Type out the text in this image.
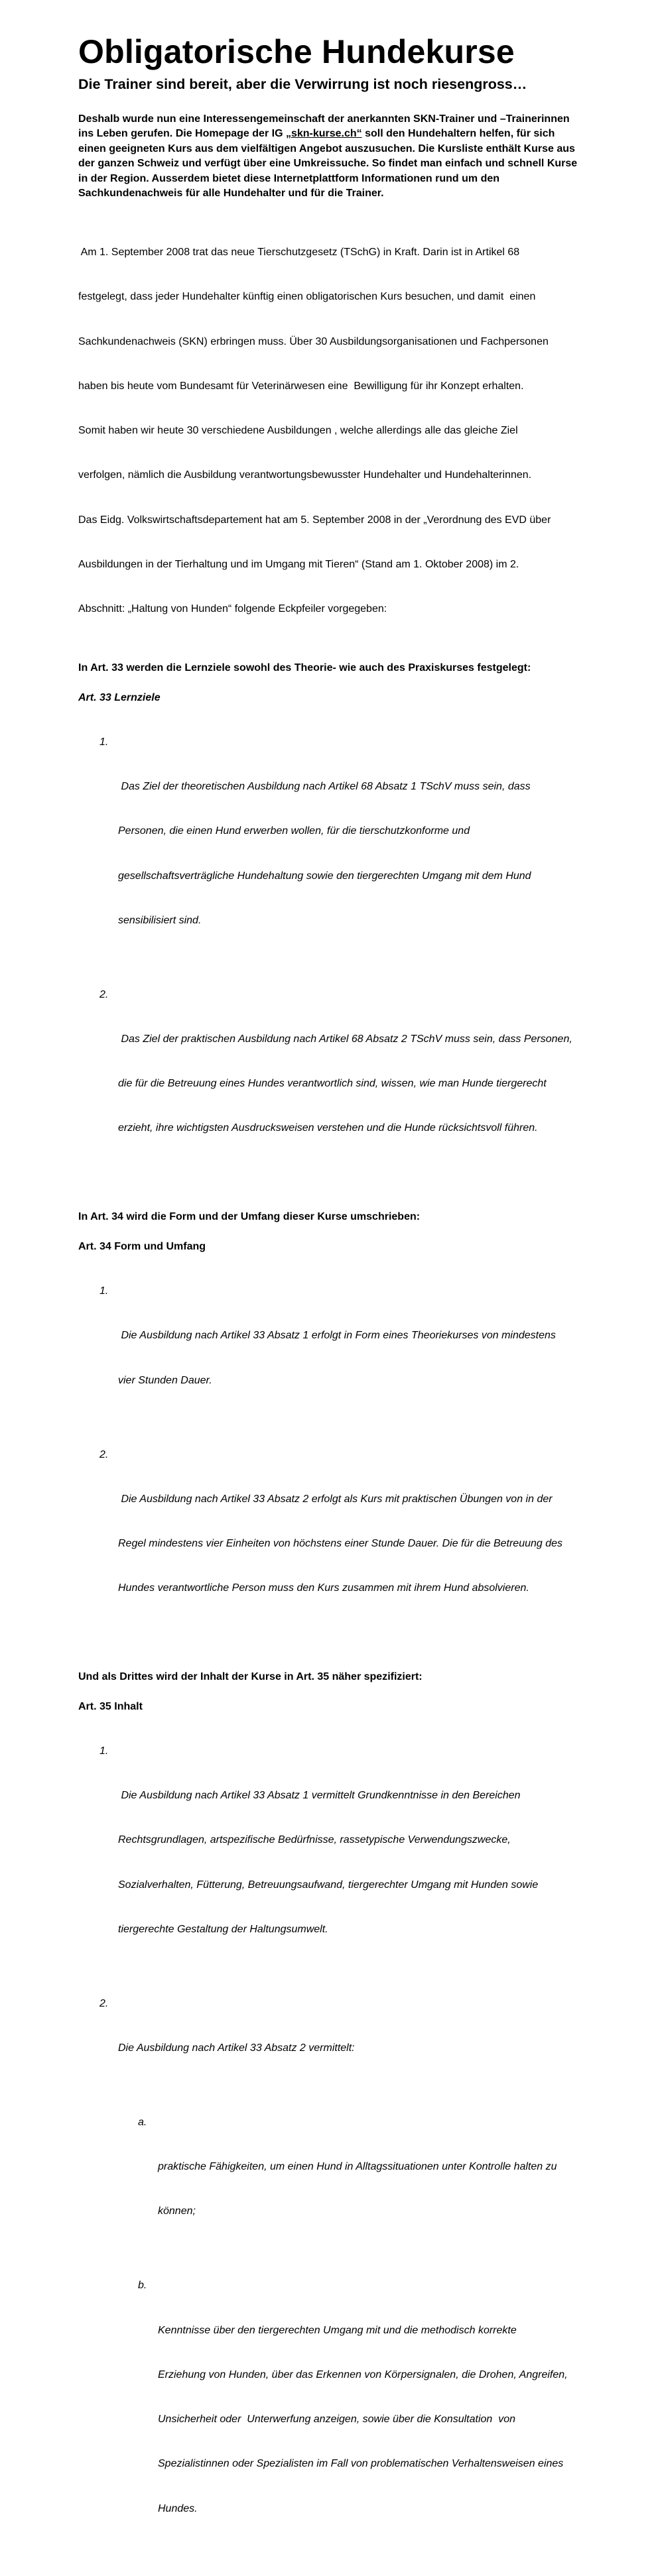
Obligatorische Hundekurse
Die Trainer sind bereit, aber die Verwirrung ist noch riesengross…
Deshalb wurde nun eine Interessengemeinschaft der anerkannten SKN-Trainer und –Trainerinnen
ins Leben gerufen. Die Homepage der IG „skn-kurse.ch“ soll den Hundehaltern helfen, für sich
einen geeigneten Kurs aus dem vielfältigen Angebot auszusuchen. Die Kursliste enthält Kurse aus
der ganzen Schweiz und verfügt über eine Umkreissuche. So findet man einfach und schnell Kurse
in der Region. Ausserdem bietet diese Internetplattform Informationen rund um den
Sachkundenachweis für alle Hundehalter und für die Trainer.

Am 1. September 2008 trat das neue Tierschutzgesetz (TSchG) in Kraft. Darin ist in Artikel 68

festgelegt, dass jeder Hundehalter künftig einen obligatorischen Kurs besuchen, und damit  einen

Sachkundenachweis (SKN) erbringen muss. Über 30 Ausbildungsorganisationen und Fachpersonen

haben bis heute vom Bundesamt für Veterinärwesen eine  Bewilligung für ihr Konzept erhalten.

Somit haben wir heute 30 verschiedene Ausbildungen , welche allerdings alle das gleiche Ziel

verfolgen, nämlich die Ausbildung verantwortungsbewusster Hundehalter und Hundehalterinnen.

Das Eidg. Volkswirtschaftsdepartement hat am 5. September 2008 in der „Verordnung des EVD über

Ausbildungen in der Tierhaltung und im Umgang mit Tieren“ (Stand am 1. Oktober 2008) im 2.

Abschnitt: „Haltung von Hunden“ folgende Eckpfeiler vorgegeben:

In Art. 33 werden die Lernziele sowohl des Theorie- wie auch des Praxiskurses festgelegt:

Art. 33 Lernziele

1.

Das Ziel der theoretischen Ausbildung nach Artikel 68 Absatz 1 TSchV muss sein, dass

Personen, die einen Hund erwerben wollen, für die tierschutzkonforme und

gesellschaftsverträgliche Hundehaltung sowie den tiergerechten Umgang mit dem Hund

sensibilisiert sind.

2.

Das Ziel der praktischen Ausbildung nach Artikel 68 Absatz 2 TSchV muss sein, dass Personen,

die für die Betreuung eines Hundes verantwortlich sind, wissen, wie man Hunde tiergerecht

erzieht, ihre wichtigsten Ausdrucksweisen verstehen und die Hunde rücksichtsvoll führen.

In Art. 34 wird die Form und der Umfang dieser Kurse umschrieben:

Art. 34 Form und Umfang

1.

Die Ausbildung nach Artikel 33 Absatz 1 erfolgt in Form eines Theoriekurses von mindestens

vier Stunden Dauer.

2.

Die Ausbildung nach Artikel 33 Absatz 2 erfolgt als Kurs mit praktischen Übungen von in der

Regel mindestens vier Einheiten von höchstens einer Stunde Dauer. Die für die Betreuung des

Hundes verantwortliche Person muss den Kurs zusammen mit ihrem Hund absolvieren.

Und als Drittes wird der Inhalt der Kurse in Art. 35 näher spezifiziert:

Art. 35 Inhalt

1.

Die Ausbildung nach Artikel 33 Absatz 1 vermittelt Grundkenntnisse in den Bereichen

Rechtsgrundlagen, artspezifische Bedürfnisse, rassetypische Verwendungszwecke,

Sozialverhalten, Fütterung, Betreuungsaufwand, tiergerechter Umgang mit Hunden sowie

tiergerechte Gestaltung der Haltungsumwelt.

2.

Die Ausbildung nach Artikel 33 Absatz 2 vermittelt:

a.

praktische Fähigkeiten, um einen Hund in Alltagssituationen unter Kontrolle halten zu

können;

b.

Kenntnisse über den tiergerechten Umgang mit und die methodisch korrekte

Erziehung von Hunden, über das Erkennen von Körpersignalen, die Drohen, Angreifen,

Unsicherheit oder  Unterwerfung anzeigen, sowie über die Konsultation  von

Spezialistinnen oder Spezialisten im Fall von problematischen Verhaltensweisen eines

Hundes.
